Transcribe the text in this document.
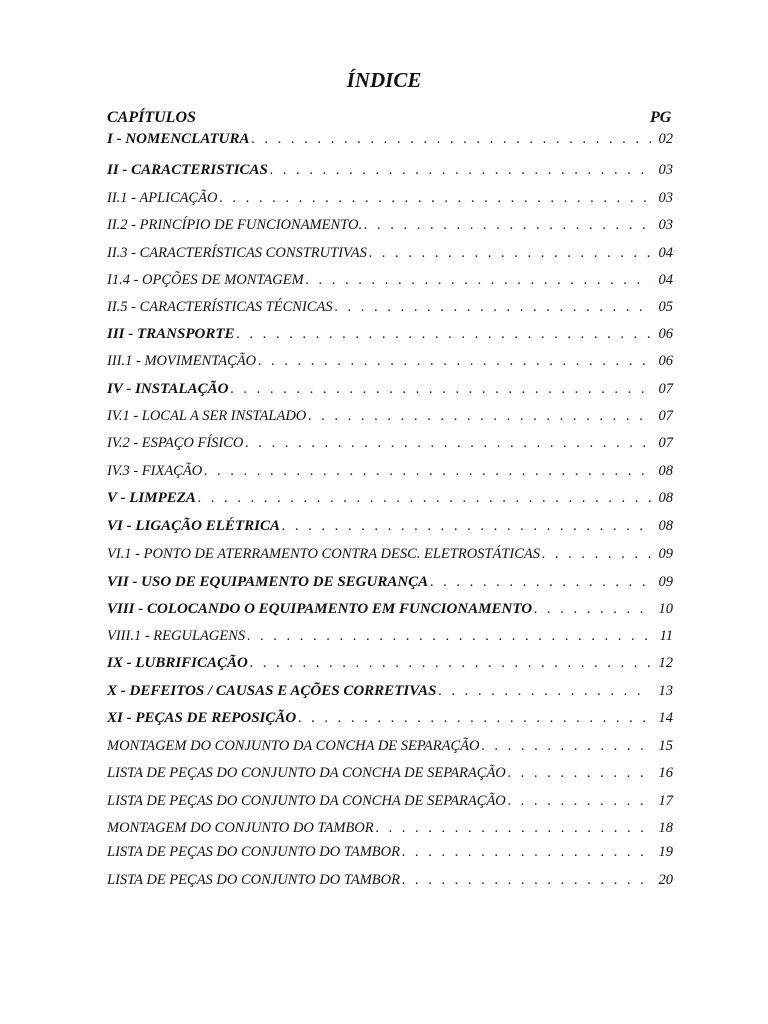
ÍNDICE
CAPÍTULOS	PG
I - NOMENCLATURA . . .	02
II - CARACTERISTICAS . . .	03
II.1 - APLICAÇÃO . . .	03
II.2 - PRINCÍPIO DE FUNCIONAMENTO. . . .	03
II.3 - CARACTERÍSTICAS CONSTRUTIVAS . . .	04
I1.4 - OPÇÕES DE MONTAGEM . . .	04
II.5 - CARACTERÍSTICAS TÉCNICAS . . .	05
III - TRANSPORTE . . .	06
III.1 - MOVIMENTAÇÃO . . .	06
IV - INSTALAÇÃO . . .	07
IV.1 - LOCAL A SER INSTALADO . . .	07
IV.2 - ESPAÇO FÍSICO . . .	07
IV.3 - FIXAÇÃO . . .	08
V - LIMPEZA . . .	08
VI - LIGAÇÃO ELÉTRICA . . .	08
VI.1 - PONTO DE ATERRAMENTO CONTRA DESC. ELETROSTÁTICAS . . .	09
VII - USO DE EQUIPAMENTO DE SEGURANÇA . . .	09
VIII - COLOCANDO O EQUIPAMENTO EM FUNCIONAMENTO . . .	10
VIII.1 - REGULAGENS . . .	11
IX - LUBRIFICAÇÃO . . .	12
X - DEFEITOS / CAUSAS E AÇÕES CORRETIVAS . . .	13
XI - PEÇAS DE REPOSIÇÃO . . .	14
MONTAGEM DO CONJUNTO DA CONCHA DE SEPARAÇÃO . . .	15
LISTA DE PEÇAS DO CONJUNTO DA CONCHA DE SEPARAÇÃO . . .	16
LISTA DE PEÇAS DO CONJUNTO DA CONCHA DE SEPARAÇÃO . . .	17
MONTAGEM DO CONJUNTO DO TAMBOR . . .	18
LISTA DE PEÇAS DO CONJUNTO DO TAMBOR . . .	19
LISTA DE PEÇAS DO CONJUNTO DO TAMBOR . . .	20
